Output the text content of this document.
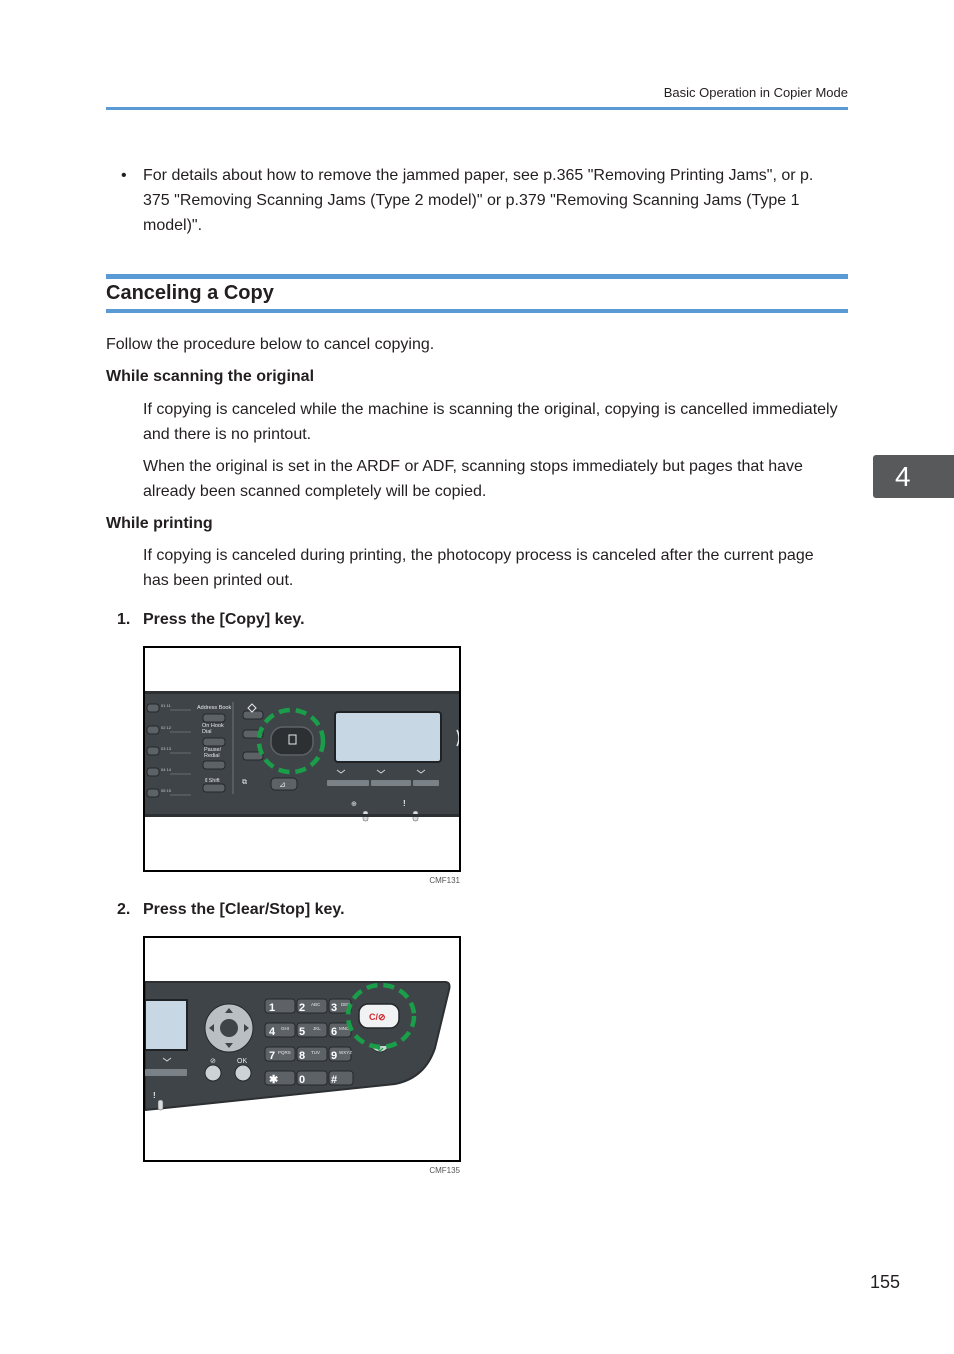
Basic Operation in Copier Mode
• For details about how to remove the jammed paper, see p.365 "Removing Printing Jams", or p.
375 "Removing Scanning Jams (Type 2 model)" or p.379 "Removing Scanning Jams (Type 1
model)".
Canceling a Copy
Follow the procedure below to cancel copying.
While scanning the original
If copying is canceled while the machine is scanning the original, copying is cancelled immediately
and there is no printout.
When the original is set in the ARDF or ADF, scanning stops immediately but pages that have
already been scanned completely will be copied.
While printing
If copying is canceled during printing, the photocopy process is canceled after the current page
has been printed out.
4
1. Press the [Copy] key.
01 11
02 12
03 13
04 14
05 15
Address Book
On Hook
Dial
Pause/
Redial
⇕Shift	⧉	⊿
⊕	!
CMF131
2. Press the [Clear/Stop] key.
!
⊘	OK
1 2 3
4 5 6
7 8 9
✱ 0 #
ABC	DEF
GHI	JKL	MNO
PQRS	TUV	WXYZ
C/⊘
CMF135
155
